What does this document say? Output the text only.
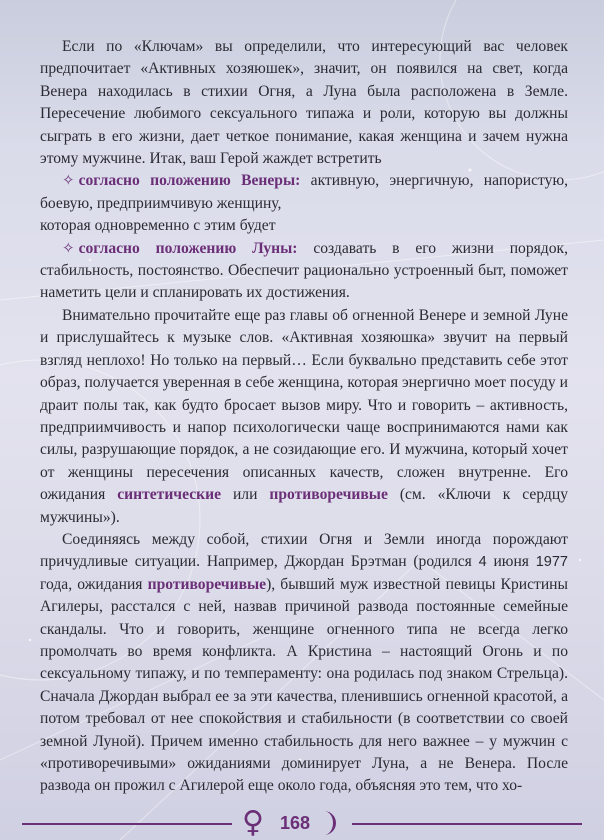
Если по «Ключам» вы определили, что интересующий вас человек предпочитает «Активных хозяюшек», значит, он появился на свет, когда Венера находилась в стихии Огня, а Луна была расположена в Земле. Пересечение любимого сексуального типажа и роли, которую вы должны сыграть в его жизни, дает четкое понимание, какая женщина и зачем нужна этому мужчине. Итак, ваш Герой жаждет встретить

✧ согласно положению Венеры: активную, энергичную, напористую, боевую, предприимчивую женщину,

которая одновременно с этим будет

✧ согласно положению Луны: создавать в его жизни порядок, стабильность, постоянство. Обеспечит рационально устроенный быт, поможет наметить цели и спланировать их достижения.

Внимательно прочитайте еще раз главы об огненной Венере и земной Луне и прислушайтесь к музыке слов. «Активная хозяюшка» звучит на первый взгляд неплохо! Но только на первый… Если буквально представить себе этот образ, получается уверенная в себе женщина, которая энергично моет посуду и драит полы так, как будто бросает вызов миру. Что и говорить – активность, предприимчивость и напор психологически чаще воспринимаются нами как силы, разрушающие порядок, а не созидающие его. И мужчина, который хочет от женщины пересечения описанных качеств, сложен внутренне. Его ожидания синтетические или противоречивые (см. «Ключи к сердцу мужчины»).

Соединяясь между собой, стихии Огня и Земли иногда порождают причудливые ситуации. Например, Джордан Брэтман (родился 4 июня 1977 года, ожидания противоречивые), бывший муж известной певицы Кристины Агилеры, расстался с ней, назвав причиной развода постоянные семейные скандалы. Что и говорить, женщине огненного типа не всегда легко промолчать во время конфликта. А Кристина – настоящий Огонь и по сексуальному типажу, и по темпераменту: она родилась под знаком Стрельца). Сначала Джордан выбрал ее за эти качества, пленившись огненной красотой, а потом требовал от нее спокойствия и стабильности (в соответствии со своей земной Луной). Причем именно стабильность для него важнее – у мужчин с «противоречивыми» ожиданиями доминирует Луна, а не Венера. После развода он прожил с Агилерой еще около года, объясняя это тем, что хо-

♀ 168
